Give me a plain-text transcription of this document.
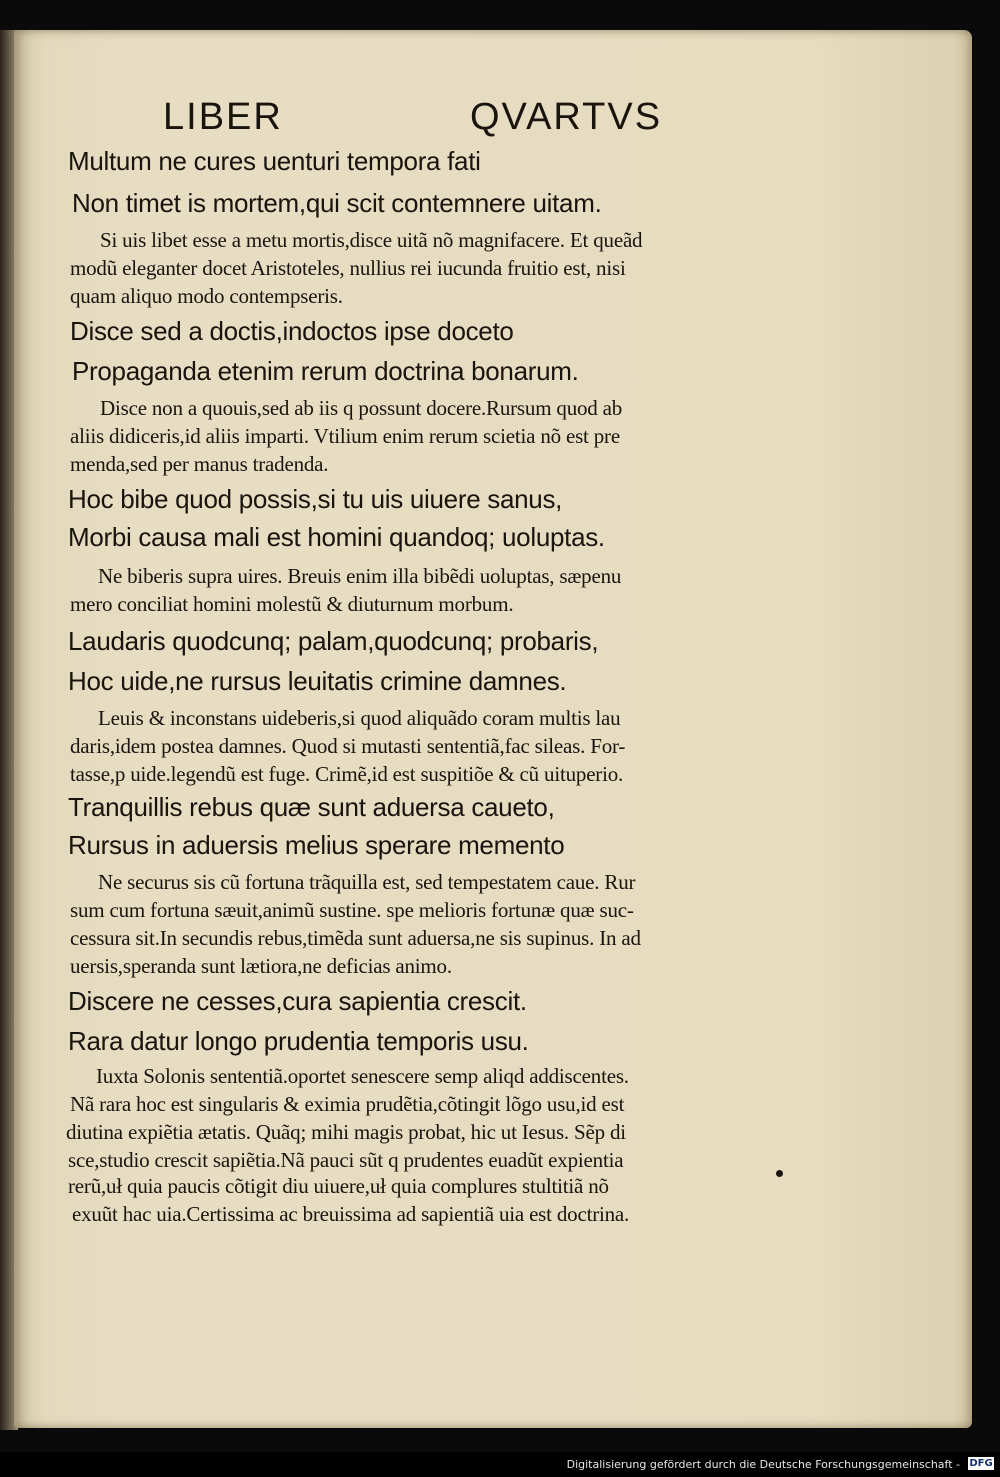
LIBER	QVARTVS
Multum ne cures uenturi tempora fati
Non timet is mortem,qui scit contemnere uitam.
Si uis libet esse a metu mortis,disce uitã nõ magnifacere. Et queãd
modũ eleganter docet Aristoteles, nullius rei iucunda fruitio est, nisi
quam aliquo modo contempseris.
Disce sed a doctis,indoctos ipse doceto
Propaganda etenim rerum doctrina bonarum.
Disce non a quouis,sed ab iis q possunt docere.Rursum quod ab
aliis didiceris,id aliis imparti. Vtilium enim rerum scietia nõ est pre
menda,sed per manus tradenda.
Hoc bibe quod possis,si tu uis uiuere sanus,
Morbi causa mali est homini quandoq; uoluptas.
Ne biberis supra uires. Breuis enim illa bibẽdi uoluptas, sæpenu
mero conciliat homini molestũ & diuturnum morbum.
Laudaris quodcunq; palam,quodcunq; probaris,
Hoc uide,ne rursus leuitatis crimine damnes.
Leuis & inconstans uideberis,si quod aliquãdo coram multis lau
daris,idem postea damnes. Quod si mutasti sententiã,fac sileas. For-
tasse,p uide.legendũ est fuge. Crimẽ,id est suspitiõe & cũ uituperio.
Tranquillis rebus quæ sunt aduersa caueto,
Rursus in aduersis melius sperare memento
Ne securus sis cũ fortuna trãquilla est, sed tempestatem caue. Rur
sum cum fortuna sæuit,animũ sustine. spe melioris fortunæ quæ suc-
cessura sit.In secundis rebus,timẽda sunt aduersa,ne sis supinus. In ad
uersis,speranda sunt lætiora,ne deficias animo.
Discere ne cesses,cura sapientia crescit.
Rara datur longo prudentia temporis usu.
Iuxta Solonis sententiã.oportet senescere semp aliqd addiscentes.
Nã rara hoc est singularis & eximia prudẽtia,cõtingit lõgo usu,id est
diutina expiẽtia ætatis. Quãq; mihi magis probat, hic ut Iesus. Sẽp di
sce,studio crescit sapiẽtia.Nã pauci sũt q prudentes euadũt expientia
rerũ,uł quia paucis cõtigit diu uiuere,uł quia complures stultitiã nõ
exuũt hac uia.Certissima ac breuissima ad sapientiã uia est doctrina.
Digitalisierung gefördert durch die Deutsche Forschungsgemeinschaft - DFG
